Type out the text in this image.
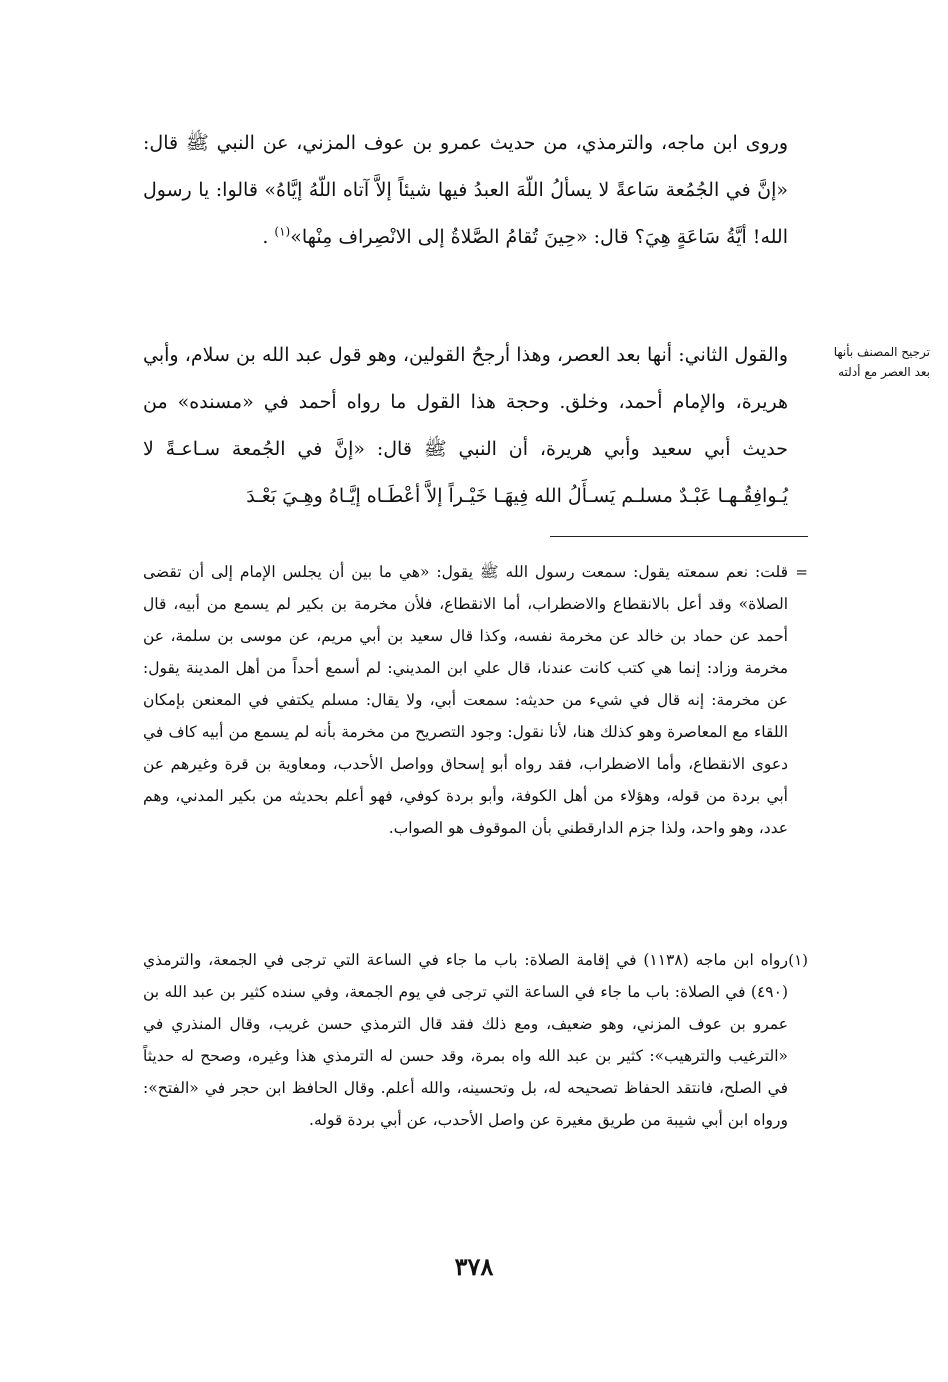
وروى ابن ماجه، والترمذي، من حديث عمرو بن عوف المزني، عن النبي ﷺ قال: «إنَّ في الجُمُعة سَاعةً لا يسألُ اللّهَ العبدُ فيها شيئاً إلاَّ آتاه اللّهُ إيَّاهُ» قالوا: يا رسول الله! أيَّةُ سَاعَةٍ هِيَ؟ قال: «حِينَ تُقامُ الصَّلاةُ إلى الانْصِراف مِنْها»$^{(١)}$ .

ترجيح المصنف بأنها
بعد العصر مع أدلته

والقول الثاني: أنها بعد العصر، وهذا أرجحُ القولين، وهو قول عبد الله بن سلام، وأبي هريرة، والإمام أحمد، وخلق. وحجة هذا القول ما رواه أحمد في «مسنده» من حديث أبي سعيد وأبي هريرة، أن النبي ﷺ قال: «إنَّ في الجُمعة سـاعـةً لا يُـوافِقُـهـا عَبْـدٌ مسلـم يَسـأَلُ الله فِيهَـا خَيْـراً إلاَّ أعْطَـاه إيَّـاهُ وهِـيَ بَعْـدَ

=

قلت: نعم سمعته يقول: سمعت رسول الله ﷺ يقول: «هي ما بين أن يجلس الإمام إلى أن تقضى الصلاة» وقد أعل بالانقطاع والاضطراب، أما الانقطاع، فلأن مخرمة بن بكير لم يسمع من أبيه، قال أحمد عن حماد بن خالد عن مخرمة نفسه، وكذا قال سعيد بن أبي مريم، عن موسى بن سلمة، عن مخرمة وزاد: إنما هي كتب كانت عندنا، قال علي ابن المديني: لم أسمع أحداً من أهل المدينة يقول: عن مخرمة: إنه قال في شيء من حديثه: سمعت أبي، ولا يقال: مسلم يكتفي في المعنعن بإمكان اللقاء مع المعاصرة وهو كذلك هنا، لأنا نقول: وجود التصريح من مخرمة بأنه لم يسمع من أبيه كاف في دعوى الانقطاع، وأما الاضطراب، فقد رواه أبو إسحاق وواصل الأحدب، ومعاوية بن قرة وغيرهم عن أبي بردة من قوله، وهؤلاء من أهل الكوفة، وأبو بردة كوفي، فهو أعلم بحديثه من بكير المدني، وهم عدد، وهو واحد، ولذا جزم الدارقطني بأن الموقوف هو الصواب.

(١)

رواه ابن ماجه (١١٣٨) في إقامة الصلاة: باب ما جاء في الساعة التي ترجى في الجمعة، والترمذي (٤٩٠) في الصلاة: باب ما جاء في الساعة التي ترجى في يوم الجمعة، وفي سنده كثير بن عبد الله بن عمرو بن عوف المزني، وهو ضعيف، ومع ذلك فقد قال الترمذي حسن غريب، وقال المنذري في «الترغيب والترهيب»: كثير بن عبد الله واه بمرة، وقد حسن له الترمذي هذا وغيره، وصحح له حديثاً في الصلح، فانتقد الحفاظ تصحيحه له، بل وتحسينه، والله أعلم. وقال الحافظ ابن حجر في «الفتح»: ورواه ابن أبي شيبة من طريق مغيرة عن واصل الأحدب، عن أبي بردة قوله.

٣٧٨
